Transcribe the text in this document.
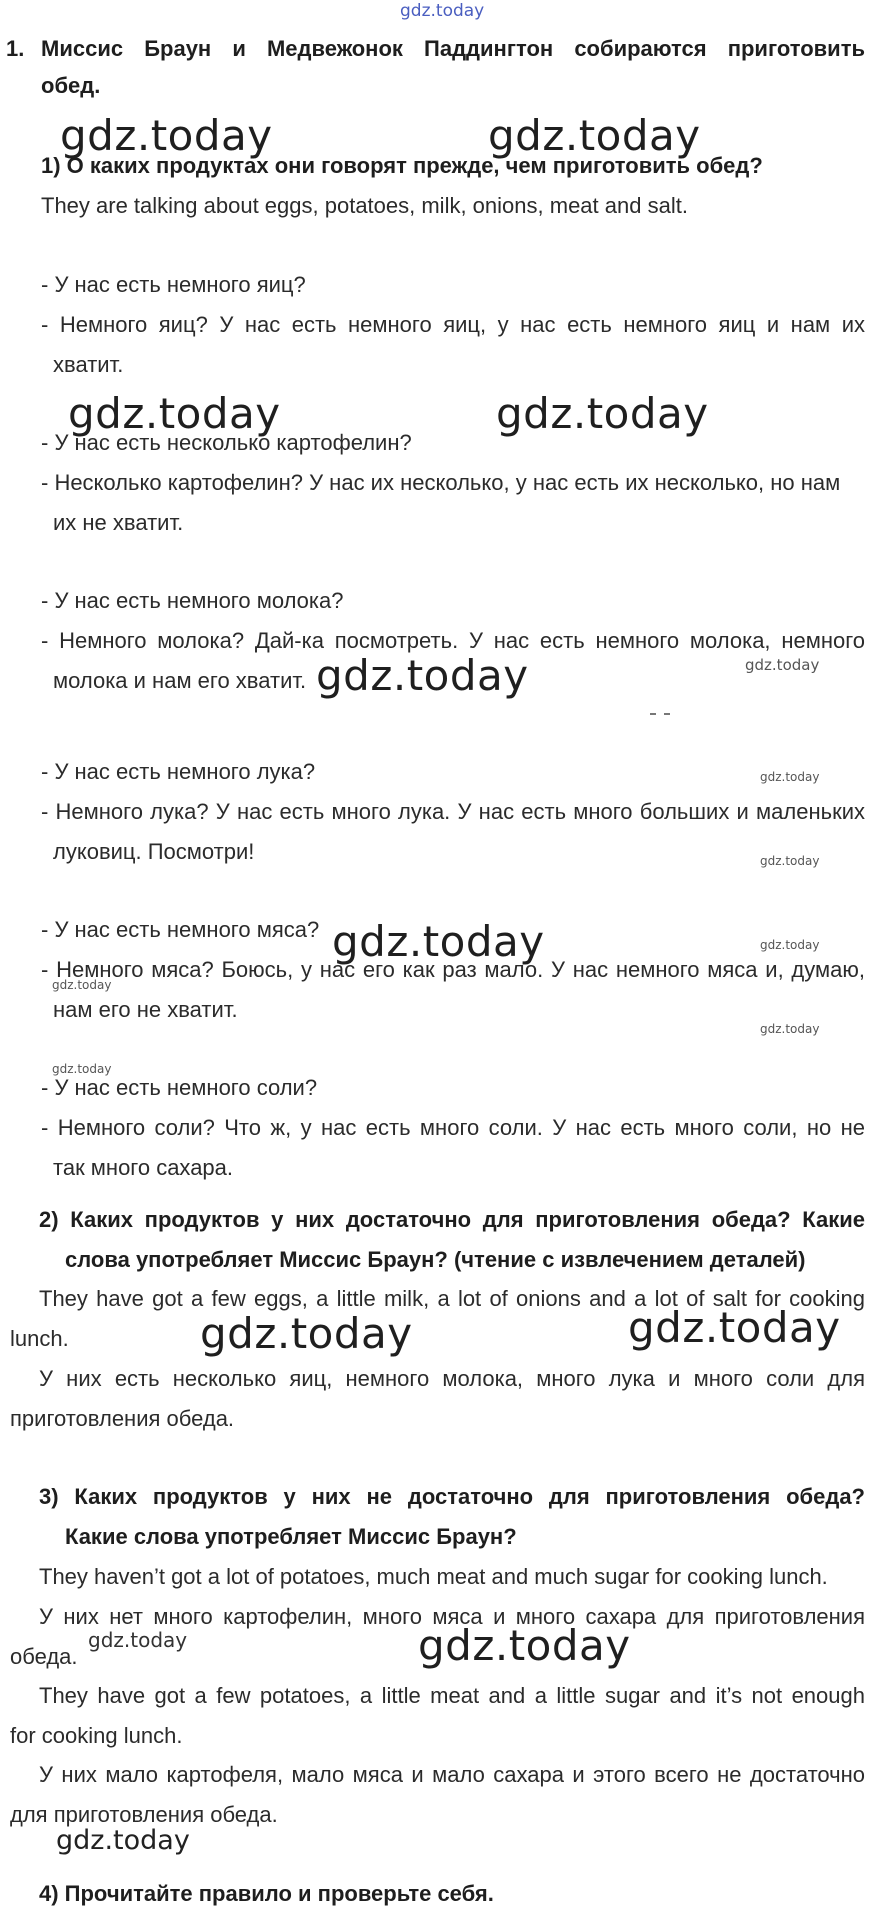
gdz.today
1. Миссис Браун и Медвежонок Паддингтон собираются приготовить
обед.
1) О каких продуктах они говорят прежде, чем приготовить обед?
They are talking about eggs, potatoes, milk, onions, meat and salt.
- У нас есть немного яиц?
- Немного яиц? У нас есть немного яиц, у нас есть немного яиц и нам их
хватит.
- У нас есть несколько картофелин?
- Несколько картофелин? У нас их несколько, у нас есть их несколько, но нам
их не хватит.
- У нас есть немного молока?
- Немного молока? Дай-ка посмотреть. У нас есть немного молока, немного
молока и нам его хватит.
- У нас есть немного лука?
- Немного лука? У нас есть много лука. У нас есть много больших и маленьких
луковиц. Посмотри!
- У нас есть немного мяса?
- Немного мяса? Боюсь, у нас его как раз мало. У нас немного мяса и, думаю,
нам его не хватит.
- У нас есть немного соли?
- Немного соли? Что ж, у нас есть много соли. У нас есть много соли, но не
так много сахара.
2) Каких продуктов у них достаточно для приготовления обеда? Какие
слова употребляет Миссис Браун? (чтение с извлечением деталей)
They have got a few eggs, a little milk, a lot of onions and a lot of salt for cooking
lunch.
У них есть несколько яиц, немного молока, много лука и много соли для
приготовления обеда.
3) Каких продуктов у них не достаточно для приготовления обеда?
Какие слова употребляет Миссис Браун?
They haven’t got a lot of potatoes, much meat and much sugar for cooking lunch.
У них нет много картофелин, много мяса и много сахара для приготовления
обеда.
They have got a few potatoes, a little meat and a little sugar and it’s not enough
for cooking lunch.
У них мало картофеля, мало мяса и мало сахара и этого всего не достаточно
для приготовления обеда.
4) Прочитайте правило и проверьте себя.
gdz.today	gdz.today
gdz.today	gdz.today
gdz.today
gdz.today
gdz.today	gdz.today
gdz.today
gdz.today
gdz.today
gdz.today
gdz.today
gdz.today
gdz.today
gdz.today
gdz.today
gdz.today
